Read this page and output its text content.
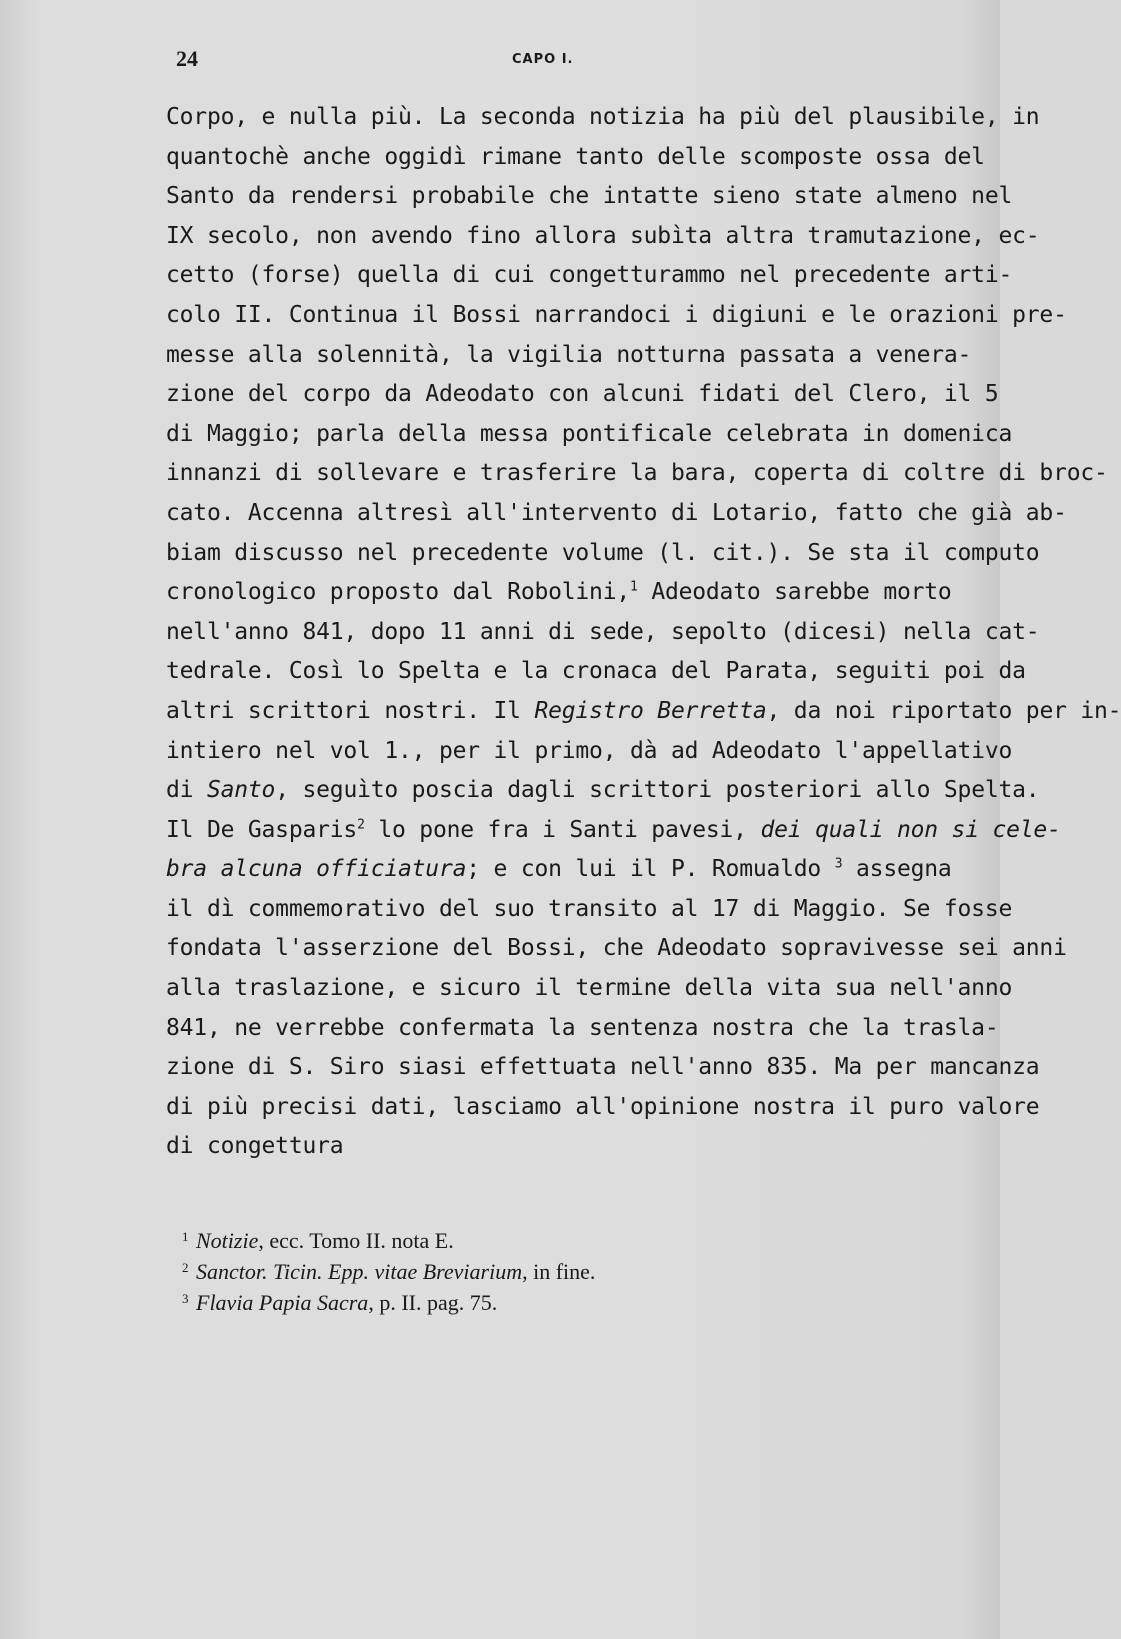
24	CAPO I.
Corpo, e nulla più. La seconda notizia ha più del plausibile, in
quantochè anche oggidì rimane tanto delle scomposte ossa del
Santo da rendersi probabile che intatte sieno state almeno nel
IX secolo, non avendo fino allora subìta altra tramutazione, ec-
cetto (forse) quella di cui congetturammo nel precedente arti-
colo II. Continua il Bossi narrandoci i digiuni e le orazioni pre-
messe alla solennità, la vigilia notturna passata a venera-
zione del corpo da Adeodato con alcuni fidati del Clero, il 5
di Maggio; parla della messa pontificale celebrata in domenica
innanzi di sollevare e trasferire la bara, coperta di coltre di broc-
cato. Accenna altresì all'intervento di Lotario, fatto che già ab-
biam discusso nel precedente volume (l. cit.). Se sta il computo
cronologico proposto dal Robolini,$^1$ Adeodato sarebbe morto
nell'anno 841, dopo 11 anni di sede, sepolto (dicesi) nella cat-
tedrale. Così lo Spelta e la cronaca del Parata, seguiti poi da
altri scrittori nostri. Il Registro Berretta, da noi riportato per in-
intiero nel vol 1., per il primo, dà ad Adeodato l'appellativo
di Santo, seguìto poscia dagli scrittori posteriori allo Spelta.
Il De Gasparis$^2$ lo pone fra i Santi pavesi, dei quali non si cele-
bra alcuna officiatura; e con lui il P. Romualdo $^3$ assegna
il dì commemorativo del suo transito al 17 di Maggio. Se fosse
fondata l'asserzione del Bossi, che Adeodato sopravivesse sei anni
alla traslazione, e sicuro il termine della vita sua nell'anno
841, ne verrebbe confermata la sentenza nostra che la trasla-
zione di S. Siro siasi effettuata nell'anno 835. Ma per mancanza
di più precisi dati, lasciamo all'opinione nostra il puro valore
di congettura
1 Notizie, ecc. Tomo II. nota E.
2 Sanctor. Ticin. Epp. vitae Breviarium, in fine.
3 Flavia Papia Sacra, p. II. pag. 75.
